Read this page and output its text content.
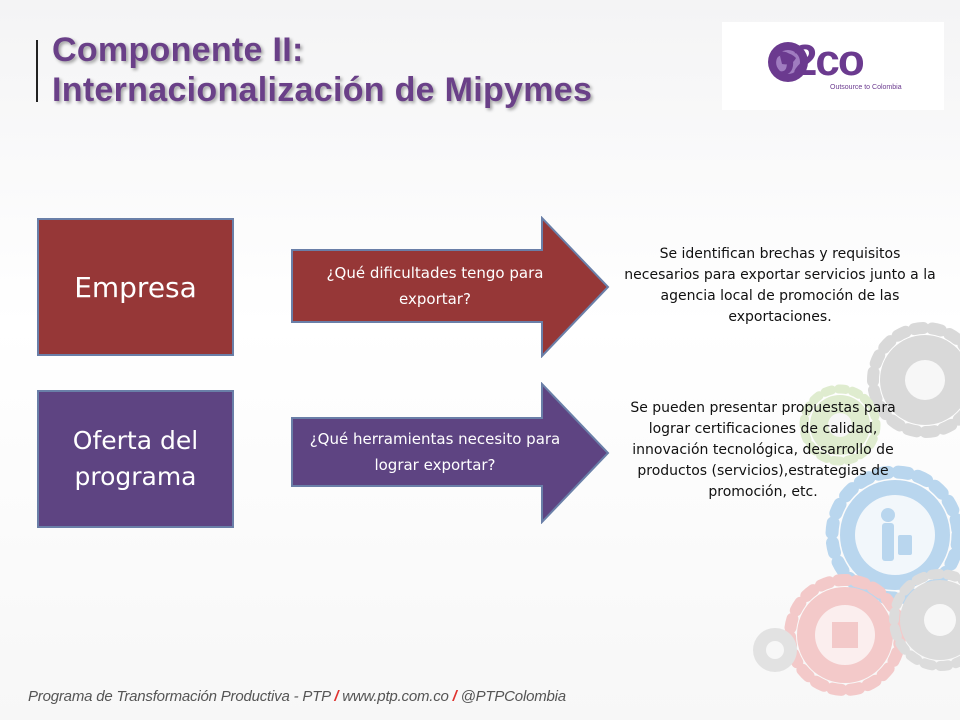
Componente II:
Internacionalización de Mipymes
o2co
Outsource to Colombia
Empresa	¿Qué dificultades tengo para exportar?
Se identifican brechas y requisitos necesarios para exportar servicios junto a la agencia local de promoción de las exportaciones.
Oferta del programa
¿Qué herramientas necesito para lograr exportar?
Se pueden presentar propuestas para lograr certificaciones de calidad, innovación tecnológica, desarrollo de productos (servicios),estrategias de promoción, etc.
Programa de Transformación Productiva - PTP / www.ptp.com.co / @PTPColombia
